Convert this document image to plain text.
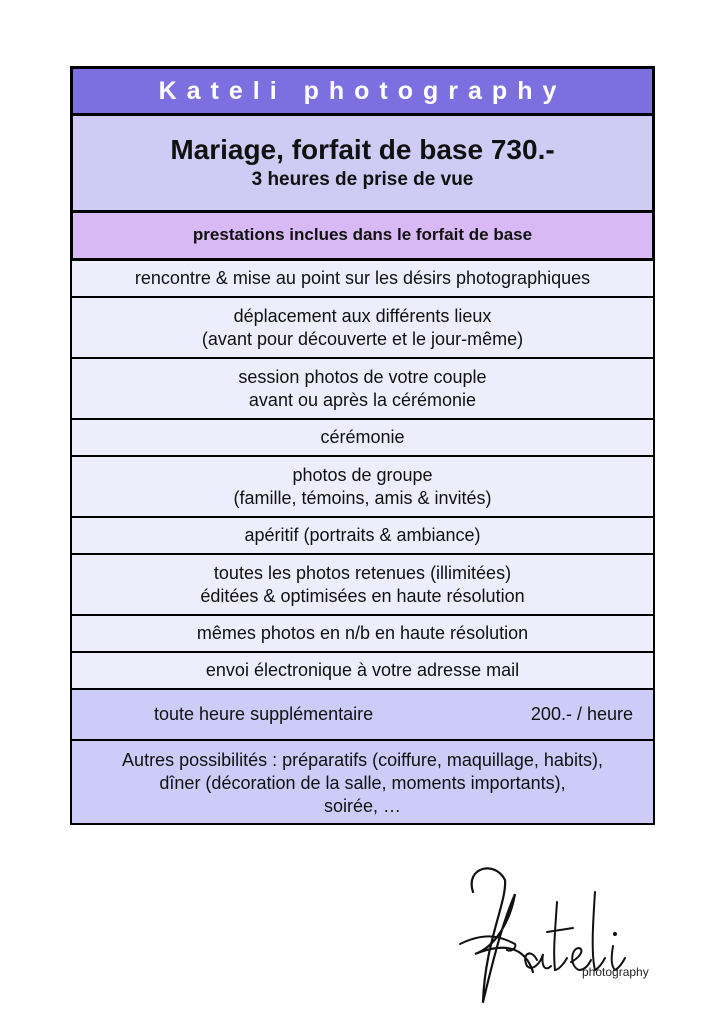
Kateli photography
Mariage, forfait de base 730.-
3 heures de prise de vue
prestations inclues dans le forfait de base
rencontre & mise au point sur les désirs photographiques
déplacement aux différents lieux
(avant pour découverte et le jour-même)
session photos de votre couple
avant ou après la cérémonie
cérémonie
photos de groupe
(famille, témoins, amis & invités)
apéritif (portraits & ambiance)
toutes les photos retenues (illimitées)
éditées & optimisées en haute résolution
mêmes photos en n/b en haute résolution
envoi électronique à votre adresse mail
toute heure supplémentaire	200.- / heure
Autres possibilités : préparatifs (coiffure, maquillage, habits),
dîner (décoration de la salle, moments importants),
soirée, …
photography
